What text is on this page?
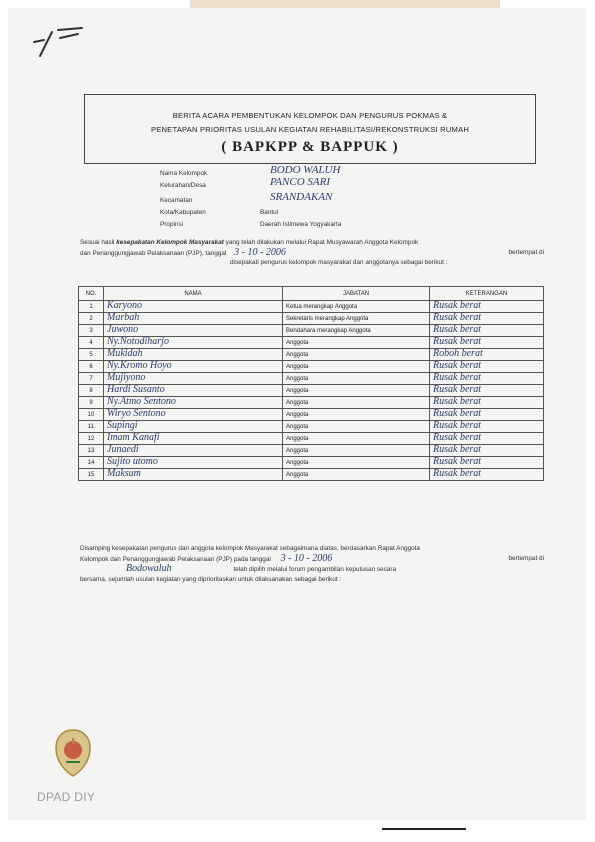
BERITA ACARA PEMBENTUKAN KELOMPOK DAN PENGURUS POKMAS &
PENETAPAN PRIORITAS USULAN KEGIATAN REHABILITASI/REKONSTRUKSI RUMAH
( BAPKPP & BAPPUK )
Nama Kelompok	BODO WALUH
Kelurahan/Desa	PANCO SARI
Kecamatan	SRANDAKAN
Kota/Kabupaten	Bantul
Propinsi	Daerah Istimewa Yogyakarta
Sesuai hasil kesepakatan Kelompok Masyarakat yang telah dilakukan melalui Rapat Musyawarah Anggota Kelompok
dan Penanggungjawab Pelaksanaan (PJP), tanggal 3 - 10 - 2006	bertempat di
disepakati pengurus kelompok masyarakat dan anggotanya sebagai berikut :
NO.	NAMA	JABATAN	KETERANGAN
1	Karyono	Ketua merangkap Anggota	Rusak berat
2	Marbah	Sekretaris merangkap Anggota	Rusak berat
3	Juwono	Bendahara merangkap Anggota	Rusak berat
4	Ny.Notodiharjo	Anggota	Rusak berat
5	Mukidah	Anggota	Roboh berat
6	Ny.Kromo Hoyo	Anggota	Rusak berat
7	Mujiyono	Anggota	Rusak berat
8	Hardi Susanto	Anggota	Rusak berat
9	Ny.Atmo Sentono	Anggota	Rusak berat
10	Wiryo Sentono	Anggota	Rusak berat
11	Supingi	Anggota	Rusak berat
12	Imam Kanafi	Anggota	Rusak berat
13	Junaedi	Anggota	Rusak berat
14	Sujito utomo	Anggota	Rusak berat
15	Maksum	Anggota	Rusak berat
Disamping kesepakatan pengurus dan anggota kelompok Masyarakat sebagaimana diatas, berdasarkan Rapat Anggota
Kelompok dan Penanggungjawab Pelaksanaan (PJP) pada tanggal 3 - 10 - 2006	bertempat di
Bodowaluh	telah dipilih melalui forum pengambilan keputusan secara
bersama, sejumlah usulan kegiatan yang diprioritaskan untuk dilaksanakan sebagai berikut :
DPAD DIY
